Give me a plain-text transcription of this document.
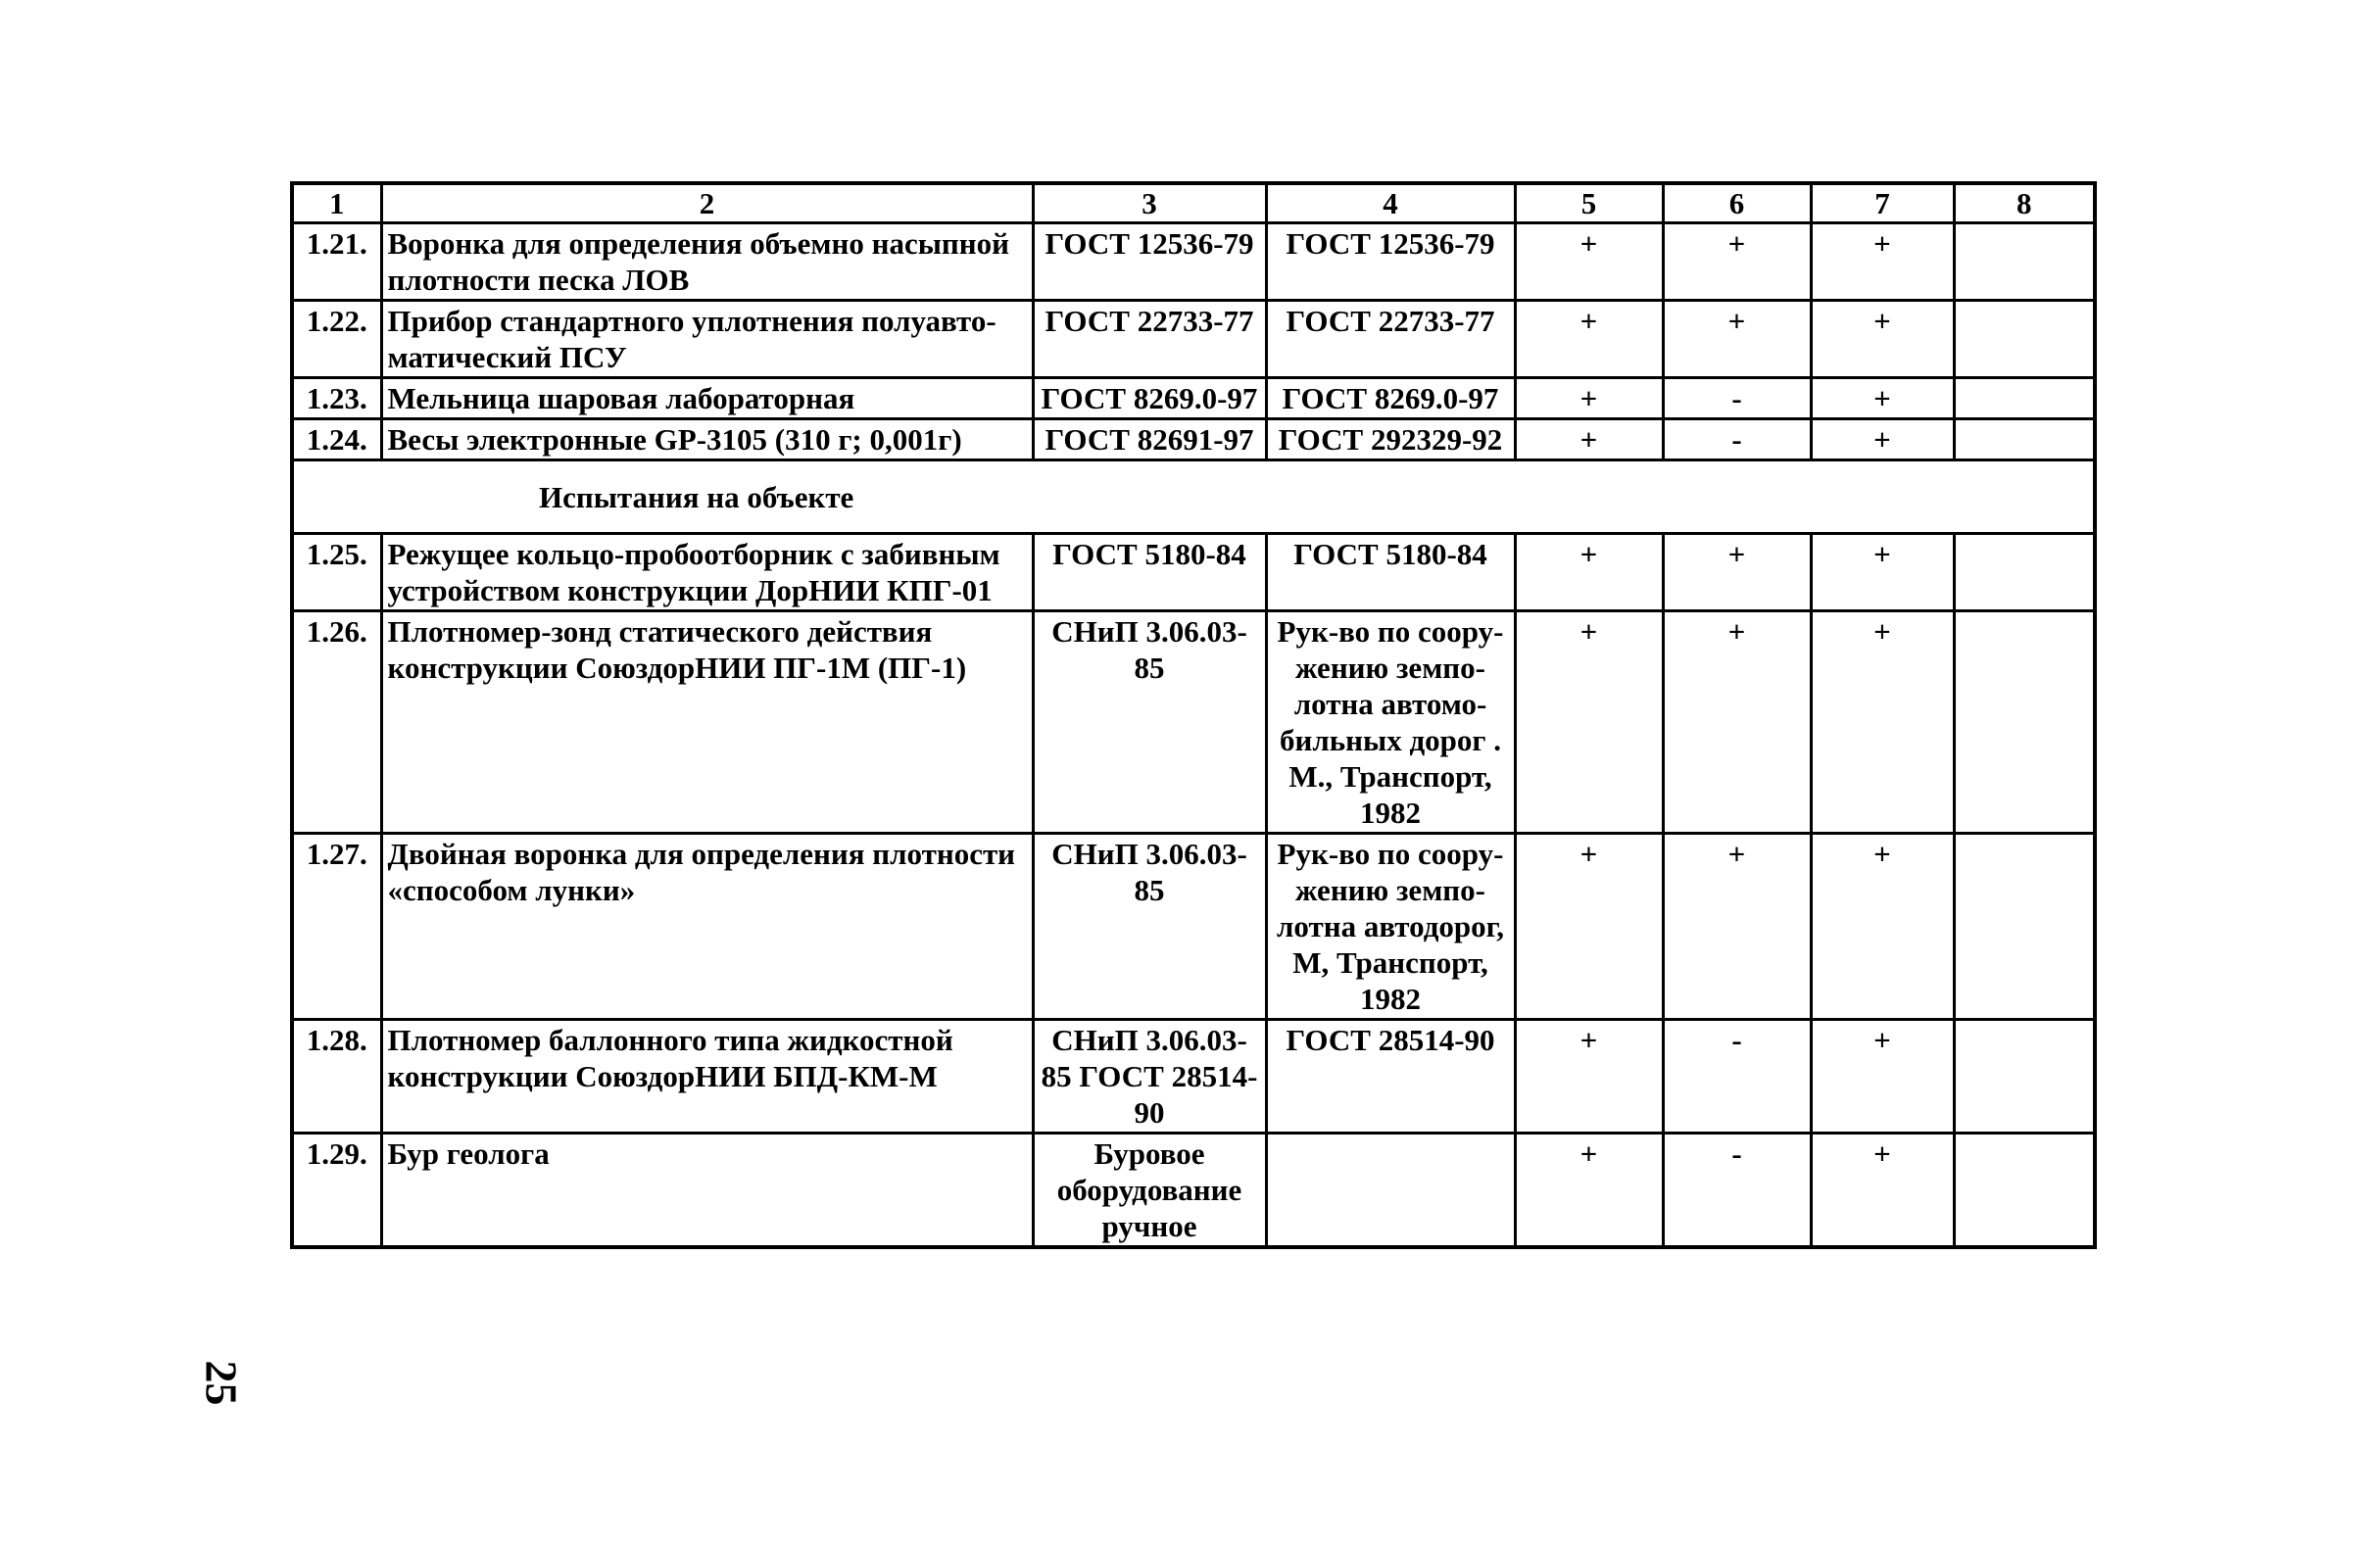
1	2	3	4	5	6	7	8
1.21.	Воронка для определения объемно насыпной плотности песка ЛОВ	ГОСТ 12536-79	ГОСТ 12536-79	+	+	+	
1.22.	Прибор стандартного уплотнения полуавто-матический ПСУ	ГОСТ 22733-77	ГОСТ 22733-77	+	+	+	
1.23.	Мельница шаровая лабораторная	ГОСТ 8269.0-97	ГОСТ 8269.0-97	+	-	+	
1.24.	Весы электронные GP-3105 (310 г; 0,001г)	ГОСТ 82691-97	ГОСТ 292329-92	+	-	+	
Испытания на объекте							
1.25.	Режущее кольцо-пробоотборник с забивным устройством конструкции ДорНИИ КПГ-01	ГОСТ 5180-84	ГОСТ 5180-84	+	+	+	
1.26.	Плотномер-зонд статического действия конструкции СоюздорНИИ ПГ-1М (ПГ-1)	СНиП 3.06.03-85	Рук-во по соору-жению земпо-лотна автомо-бильных дорог . М., Транспорт, 1982	+	+	+	
1.27.	Двойная воронка для определения плотности «способом лунки»	СНиП 3.06.03-85	Рук-во по соору-жению земпо-лотна автодорог, М, Транспорт, 1982	+	+	+	
1.28.	Плотномер баллонного типа жидкостной конструкции СоюздорНИИ БПД-КМ-М	СНиП 3.06.03-85 ГОСТ 28514-90	ГОСТ 28514-90	+	-	+	
1.29.	Бур геолога	Буровое оборудование ручное		+	-	+	
25
